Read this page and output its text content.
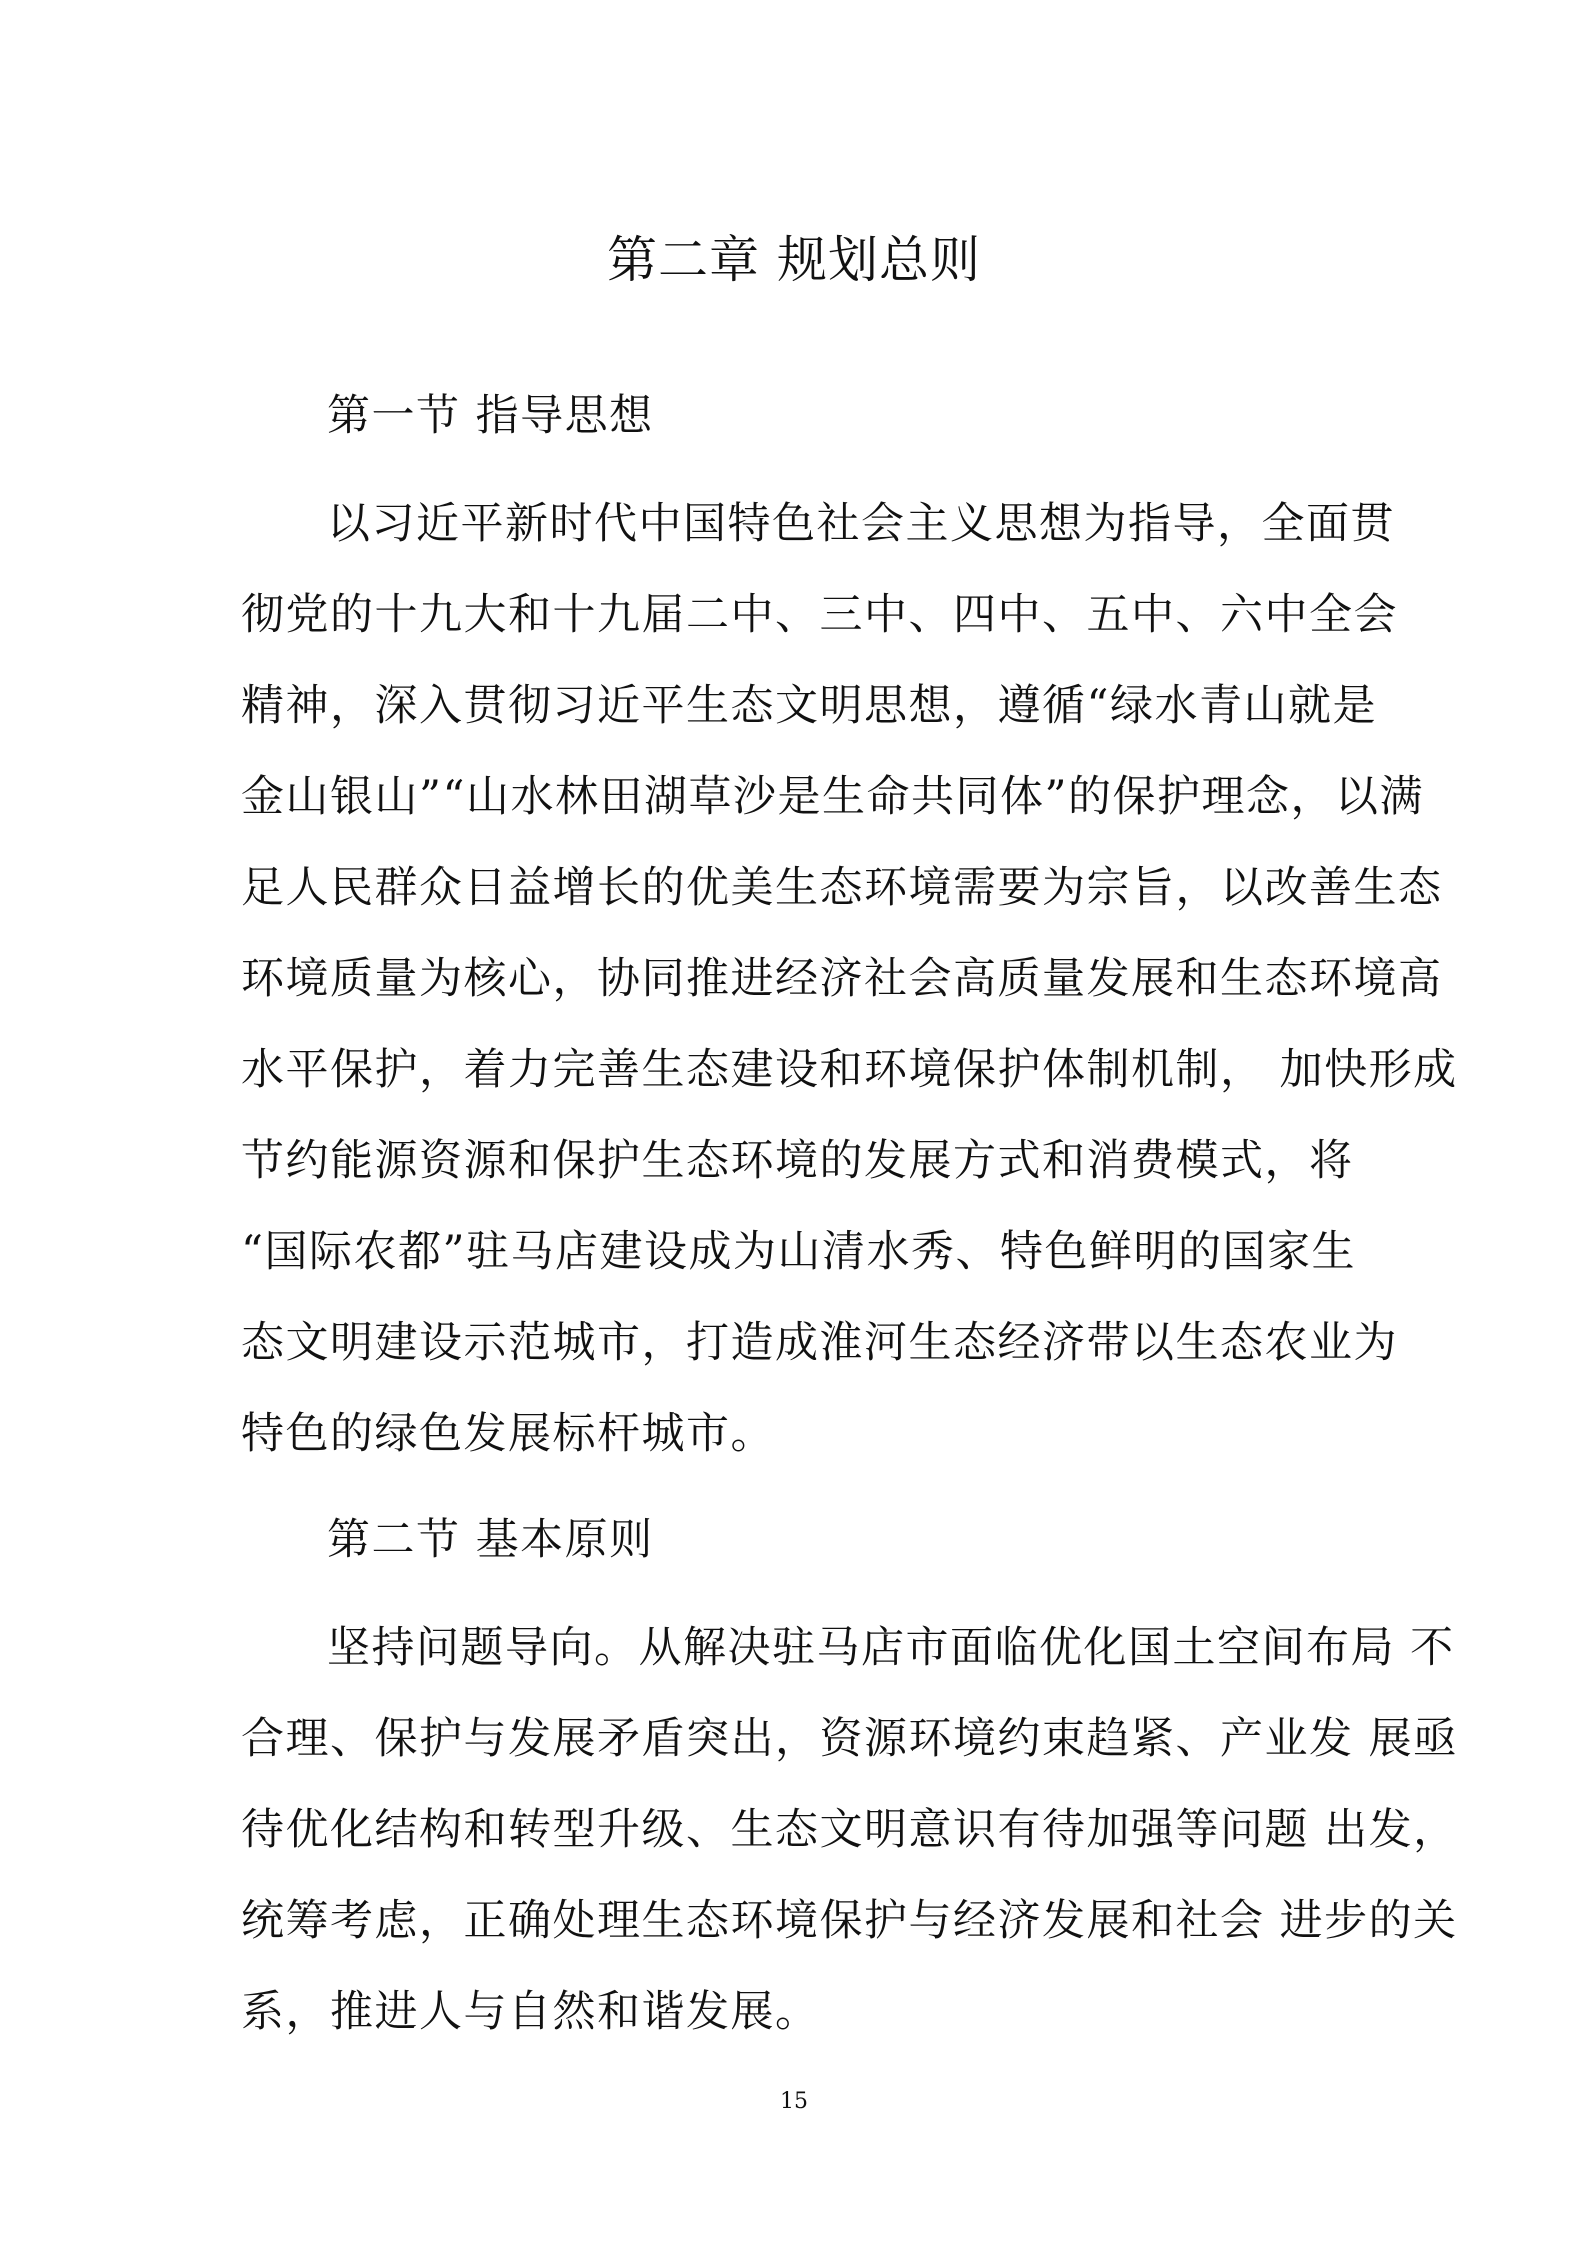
第二章 规划总则
第一节 指导思想
以习近平新时代中国特色社会主义思想为指导，全面贯
彻党的十九大和十九届二中、三中、四中、五中、六中全会
精神，深入贯彻习近平生态文明思想，遵循“绿水青山就是
金山银山”“山水林田湖草沙是生命共同体”的保护理念，以满
足人民群众日益增长的优美生态环境需要为宗旨，以改善生态
环境质量为核心，协同推进经济社会高质量发展和生态环境高
水平保护，着力完善生态建设和环境保护体制机制， 加快形成
节约能源资源和保护生态环境的发展方式和消费模式，将
“国际农都”驻马店建设成为山清水秀、特色鲜明的国家生
态文明建设示范城市，打造成淮河生态经济带以生态农业为
特色的绿色发展标杆城市。
第二节 基本原则
坚持问题导向。从解决驻马店市面临优化国土空间布局 不
合理、保护与发展矛盾突出，资源环境约束趋紧、产业发 展亟
待优化结构和转型升级、生态文明意识有待加强等问题 出发，
统筹考虑，正确处理生态环境保护与经济发展和社会 进步的关
系，推进人与自然和谐发展。
15
